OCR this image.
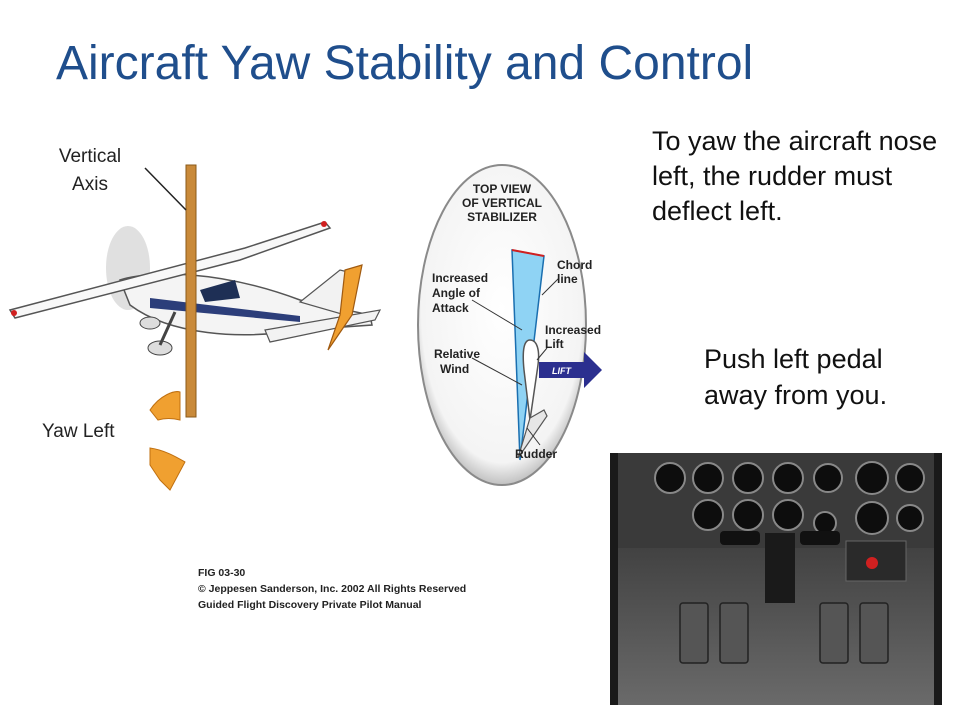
Aircraft Yaw Stability and Control
To yaw the aircraft nose left, the rudder must deflect left.
Push left pedal away from you.
Vertical
Axis
Yaw Left
LIFT
TOP VIEW
OF VERTICAL
STABILIZER
Chord
line
Increased
Angle of
Attack
Increased
Lift
Relative
Wind
Rudder
FIG 03-30
© Jeppesen Sanderson, Inc. 2002 All Rights Reserved
Guided Flight Discovery Private Pilot Manual
